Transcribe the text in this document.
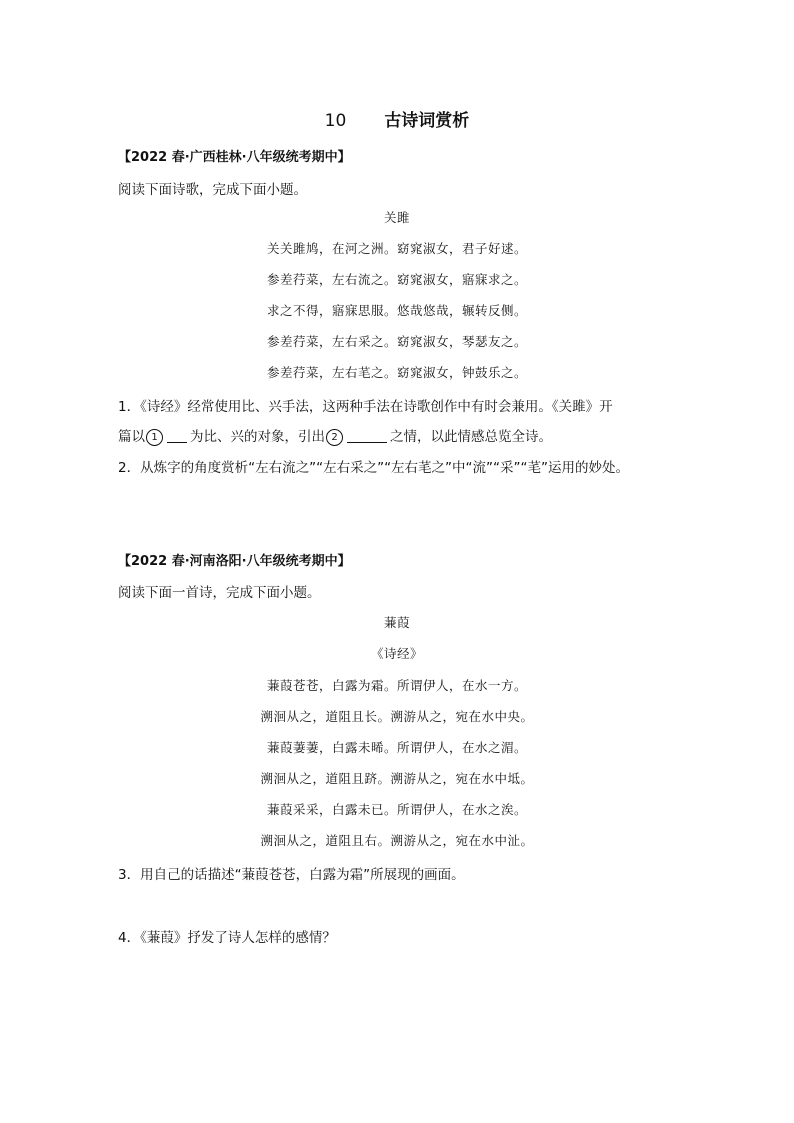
10 古诗词赏析
【2022 春·广西桂林·八年级统考期中】
阅读下面诗歌，完成下面小题。
关雎
关关雎鸠，在河之洲。窈窕淑女，君子好逑。
参差荇菜，左右流之。窈窕淑女，寤寐求之。
求之不得，寤寐思服。悠哉悠哉，辗转反侧。
参差荇菜，左右采之。窈窕淑女，琴瑟友之。
参差荇菜，左右芼之。窈窕淑女，钟鼓乐之。
1．《诗经》经常使用比、兴手法，这两种手法在诗歌创作中有时会兼用。《关雎》开
篇以 1 为比、兴的对象，引出 2	之情，以此情感总览全诗。
2．从炼字的角度赏析“左右流之”“左右采之”“左右芼之”中“流”“采”“芼”运用的妙处。
【2022 春·河南洛阳·八年级统考期中】
阅读下面一首诗，完成下面小题。
蒹葭
《诗经》
蒹葭苍苍，白露为霜。所谓伊人，在水一方。
溯洄从之，道阻且长。溯游从之，宛在水中央。
蒹葭萋萋，白露未晞。所谓伊人，在水之湄。
溯洄从之，道阻且跻。溯游从之，宛在水中坻。
蒹葭采采，白露未已。所谓伊人，在水之涘。
溯洄从之，道阻且右。溯游从之，宛在水中沚。
3．用自己的话描述“蒹葭苍苍，白露为霜”所展现的画面。
4．《蒹葭》抒发了诗人怎样的感情？
